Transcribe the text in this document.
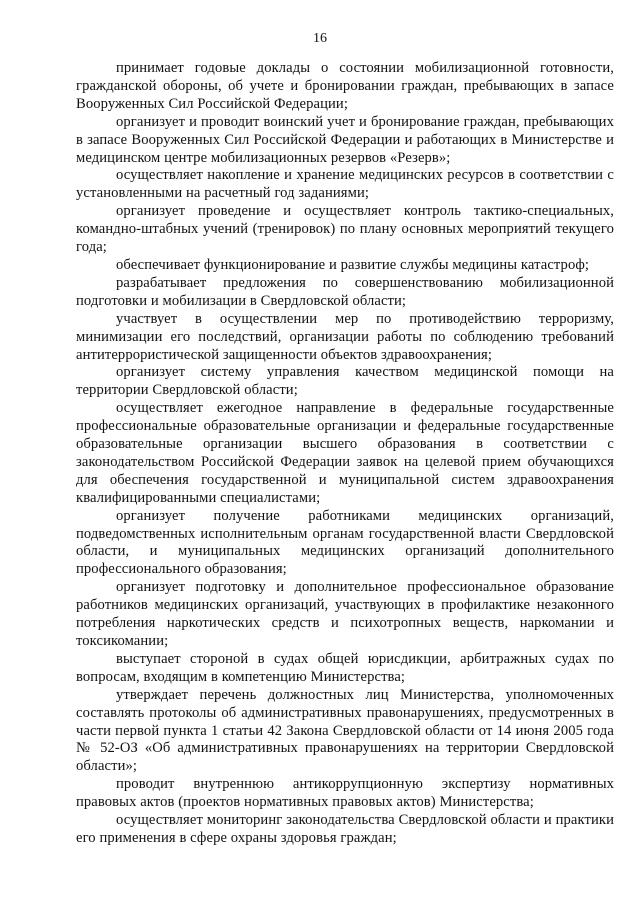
16

принимает годовые доклады о состоянии мобилизационной готовности, гражданской обороны, об учете и бронировании граждан, пребывающих в запасе Вооруженных Сил Российской Федерации;

организует и проводит воинский учет и бронирование граждан, пребывающих в запасе Вооруженных Сил Российской Федерации и работающих в Министерстве и медицинском центре мобилизационных резервов «Резерв»;

осуществляет накопление и хранение медицинских ресурсов в соответствии с установленными на расчетный год заданиями;

организует проведение и осуществляет контроль тактико-специальных, командно-штабных учений (тренировок) по плану основных мероприятий текущего года;

обеспечивает функционирование и развитие службы медицины катастроф;

разрабатывает предложения по совершенствованию мобилизационной подготовки и мобилизации в Свердловской области;

участвует в осуществлении мер по противодействию терроризму, минимизации его последствий, организации работы по соблюдению требований антитеррористической защищенности объектов здравоохранения;

организует систему управления качеством медицинской помощи на территории Свердловской области;

осуществляет ежегодное направление в федеральные государственные профессиональные образовательные организации и федеральные государственные образовательные организации высшего образования в соответствии с законодательством Российской Федерации заявок на целевой прием обучающихся для обеспечения государственной и муниципальной систем здравоохранения квалифицированными специалистами;

организует получение работниками медицинских организаций, подведомственных исполнительным органам государственной власти Свердловской области, и муниципальных медицинских организаций дополнительного профессионального образования;

организует подготовку и дополнительное профессиональное образование работников медицинских организаций, участвующих в профилактике незаконного потребления наркотических средств и психотропных веществ, наркомании и токсикомании;

выступает стороной в судах общей юрисдикции, арбитражных судах по вопросам, входящим в компетенцию Министерства;

утверждает перечень должностных лиц Министерства, уполномоченных составлять протоколы об административных правонарушениях, предусмотренных в части первой пункта 1 статьи 42 Закона Свердловской области от 14 июня 2005 года № 52-ОЗ «Об административных правонарушениях на территории Свердловской области»;

проводит внутреннюю антикоррупционную экспертизу нормативных правовых актов (проектов нормативных правовых актов) Министерства;

осуществляет мониторинг законодательства Свердловской области и практики его применения в сфере охраны здоровья граждан;
